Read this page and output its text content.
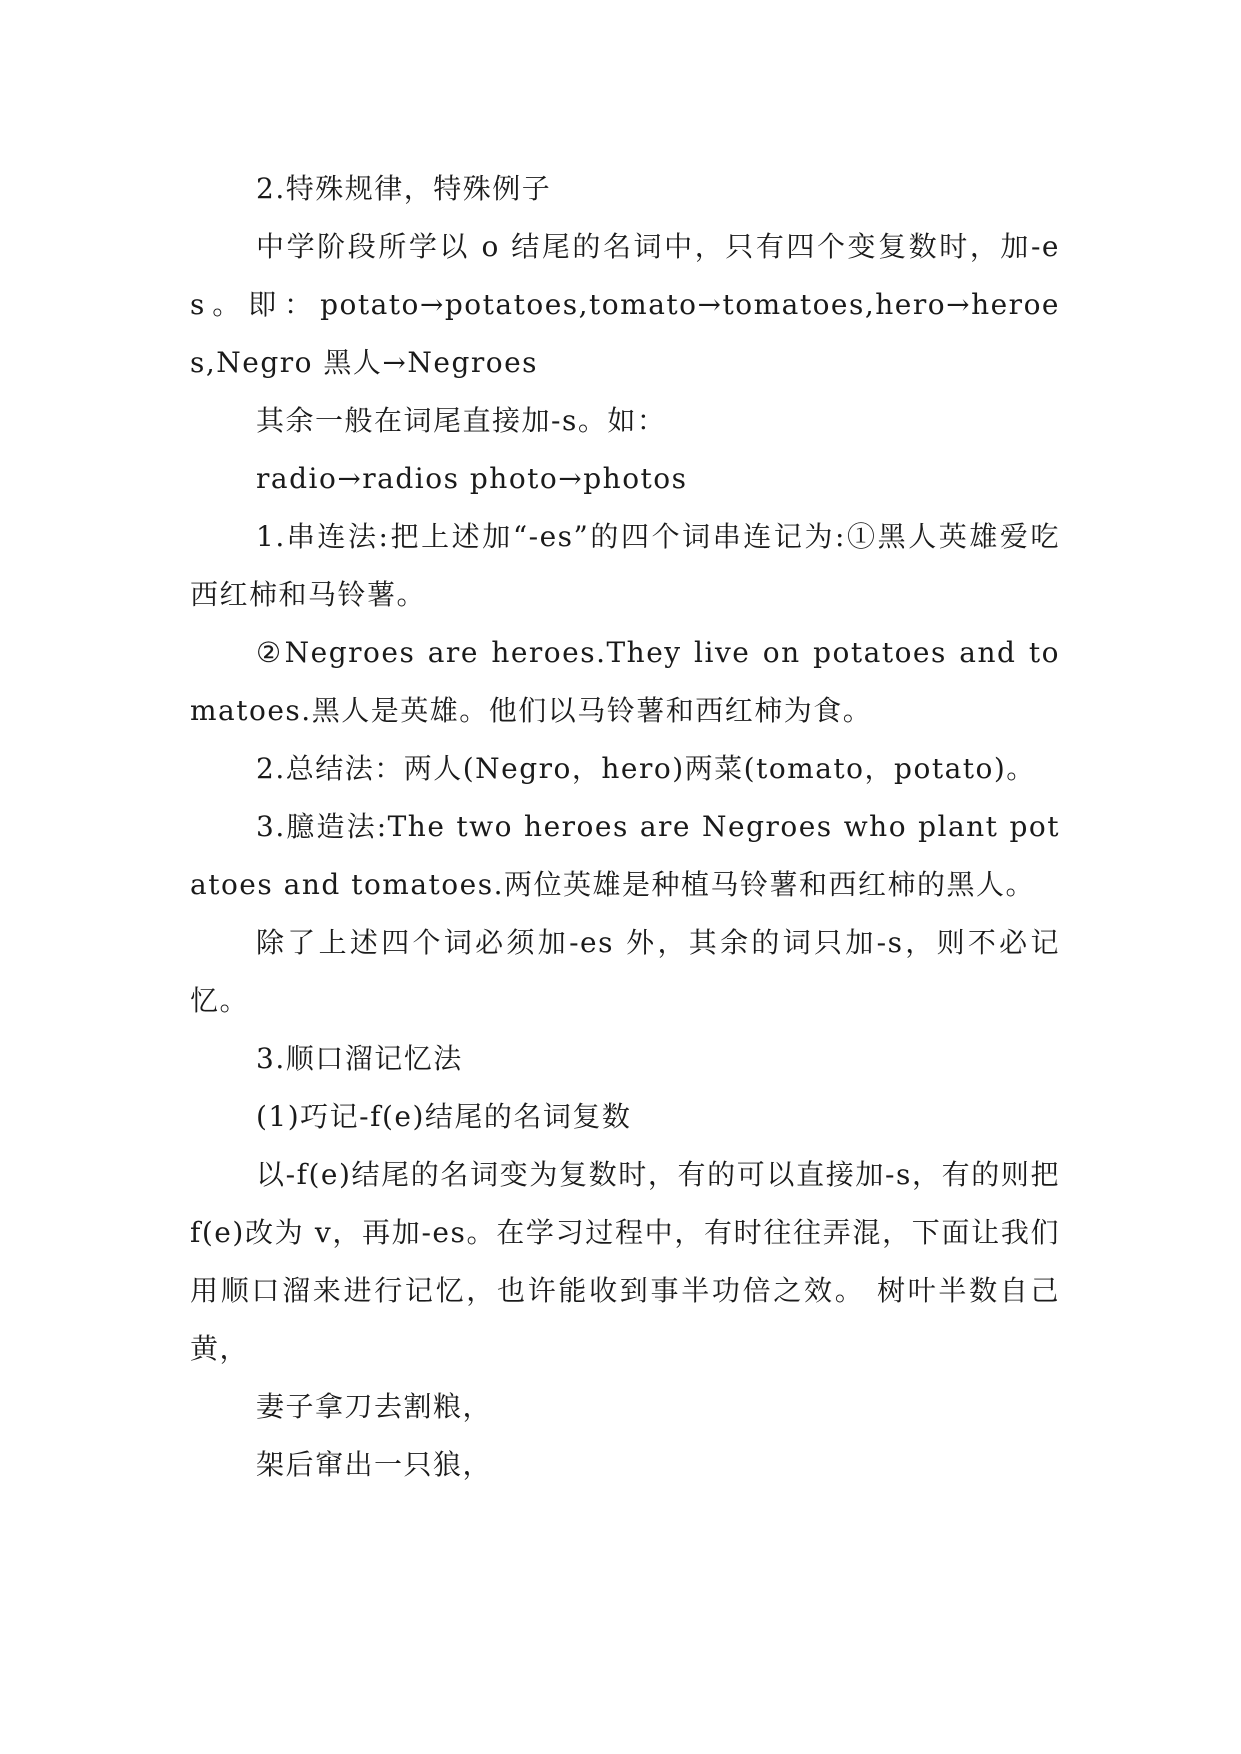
2.特殊规律，特殊例子

中学阶段所学以 o 结尾的名词中，只有四个变复数时，加-es。即：potato→potatoes,tomato→tomatoes,hero→heroes,Negro 黑人→Negroes

其余一般在词尾直接加-s。如：

radio→radios photo→photos

1.串连法:把上述加“-es”的四个词串连记为:①黑人英雄爱吃西红柿和马铃薯。

②Negroes are heroes.They live on potatoes and tomatoes.黑人是英雄。他们以马铃薯和西红柿为食。

2.总结法：两人(Negro，hero)两菜(tomato，potato)。

3.臆造法:The two heroes are Negroes who plant potatoes and tomatoes.两位英雄是种植马铃薯和西红柿的黑人。

除了上述四个词必须加-es 外，其余的词只加-s，则不必记忆。

3.顺口溜记忆法

(1)巧记-f(e)结尾的名词复数

以-f(e)结尾的名词变为复数时，有的可以直接加-s，有的则把 f(e)改为 v，再加-es。在学习过程中，有时往往弄混，下面让我们用顺口溜来进行记忆，也许能收到事半功倍之效。 树叶半数自己黄，

妻子拿刀去割粮，

架后窜出一只狼，
